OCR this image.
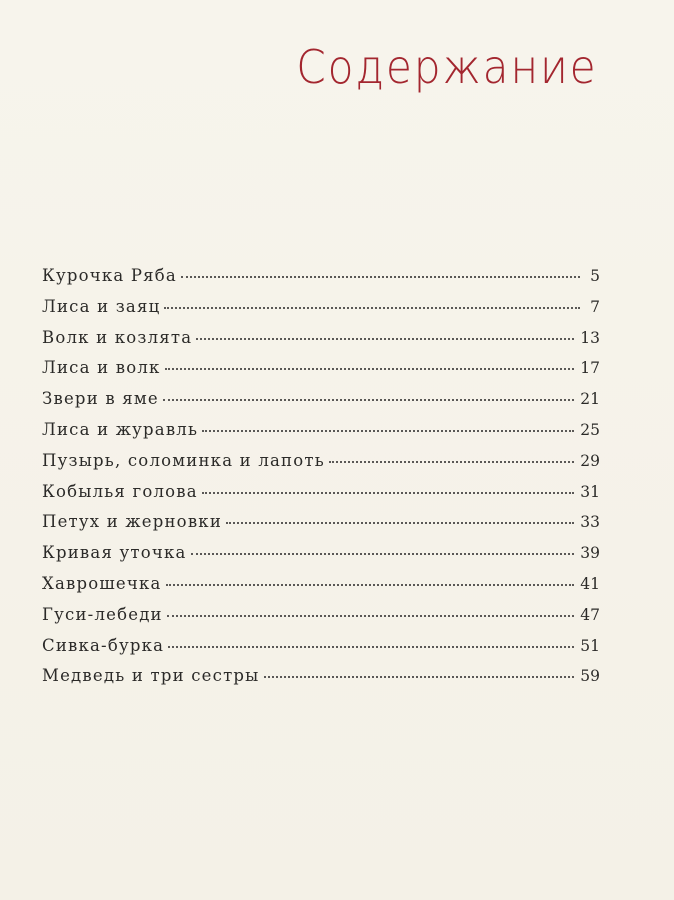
Содержание
Курочка Ряба	5
Лиса и заяц	7
Волк и козлята	13
Лиса и волк	17
Звери в яме	21
Лиса и журавль	25
Пузырь, соломинка и лапоть	29
Кобылья голова	31
Петух и жерновки	33
Кривая уточка	39
Хаврошечка	41
Гуси-лебеди	47
Сивка-бурка	51
Медведь и три сестры	59
